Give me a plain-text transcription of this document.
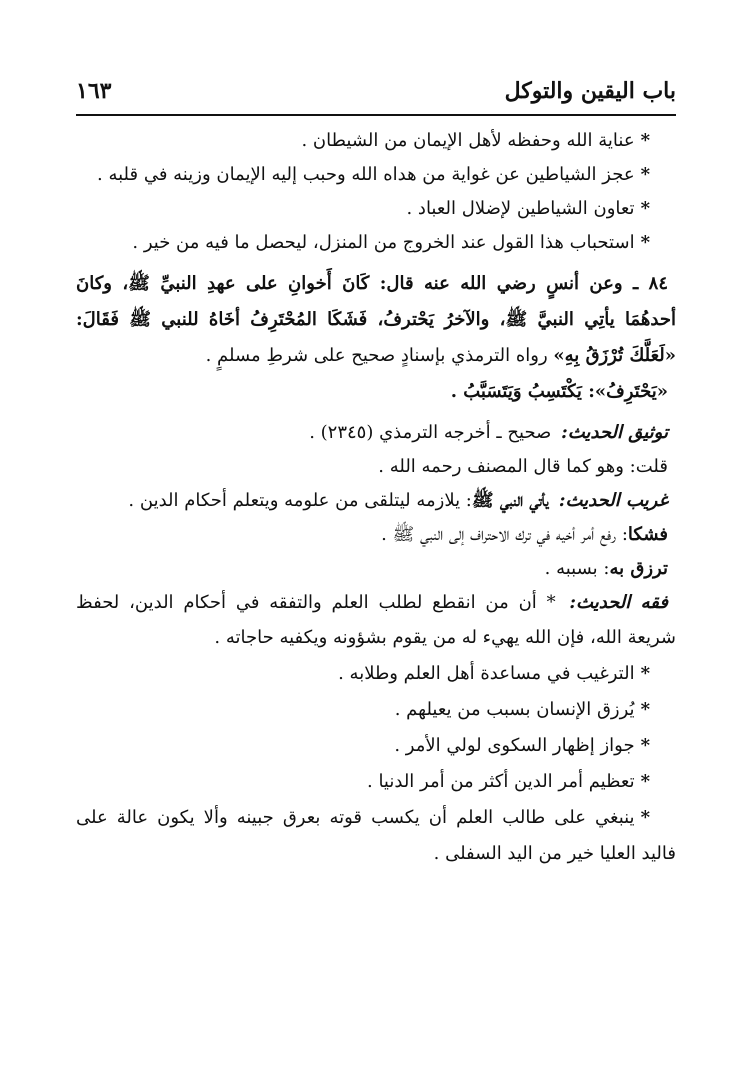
باب اليقين والتوكل
١٦٣
*عناية الله وحفظه لأهل الإيمان من الشيطان .
*عجز الشياطين عن غواية من هداه الله وحبب إليه الإيمان وزينه في قلبه .
*تعاون الشياطين لإضلال العباد .
*استحباب هذا القول عند الخروج من المنزل، ليحصل ما فيه من خير .
٨٤ ـ وعن أنسٍ رضي الله عنه قال: كَانَ أَخوانِ على عهدِ النبيِّ ﷺ، وكانَ
أحدهُمَا يأتِي النبيَّ ﷺ، والآخرُ يَحْترفُ، فَشَكَا المُحْتَرِفُ أخَاهُ للنبي ﷺ فَقَالَ:
«لَعَلَّكَ تُرْزَقُ بِهِ» رواه الترمذي بإسنادٍ صحيح على شرطِ مسلمٍ .
«يَحْتَرِفُ»: يَكْتَسِبُ وَيَتَسَبَّبُ .
توثيق الحديث: صحيح ـ أخرجه الترمذي (٢٣٤٥) .
قلت: وهو كما قال المصنف رحمه الله .
غريب الحديث: يأتي النبي ﷺ: يلازمه ليتلقى من علومه ويتعلم أحكام الدين .
فشكا: رفع أمر أخيه في ترك الاحتراف إلى النبي ﷺ .
ترزق به: بسببه .
فقه الحديث: * أن من انقطع لطلب العلم والتفقه في أحكام الدين، لحفظ
شريعة الله، فإن الله يهيء له من يقوم بشؤونه ويكفيه حاجاته .
*الترغيب في مساعدة أهل العلم وطلابه .
*يُرزق الإنسان بسبب من يعيلهم .
*جواز إظهار السكوى لولي الأمر .
*تعظيم أمر الدين أكثر من أمر الدنيا .
*ينبغي على طالب العلم أن يكسب قوته بعرق جبينه وألا يكون عالة على
فاليد العليا خير من اليد السفلى .
